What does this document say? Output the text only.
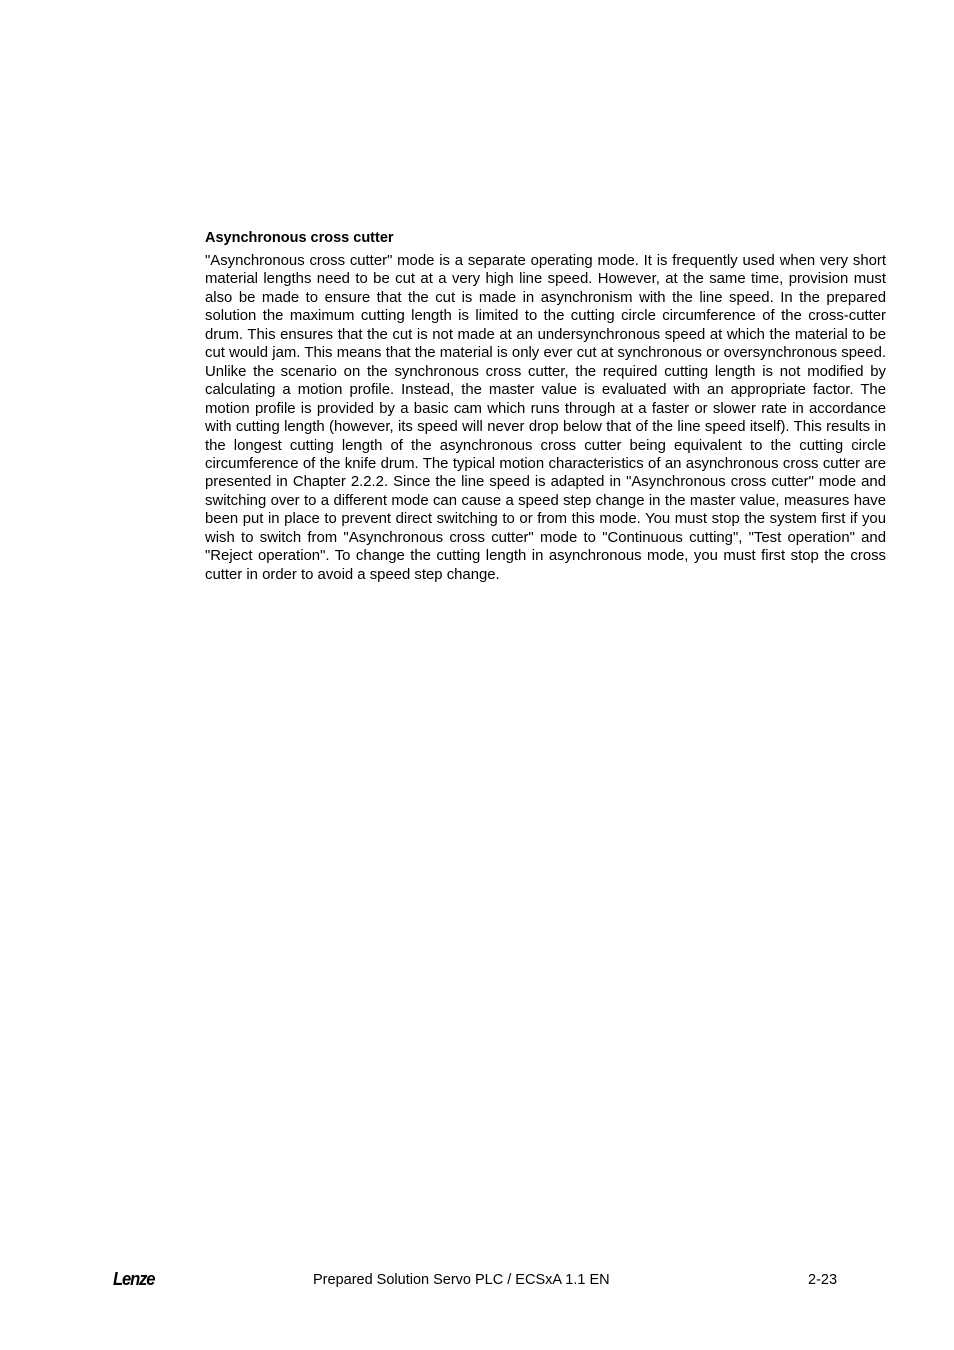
Asynchronous cross cutter

"Asynchronous cross cutter" mode is a separate operating mode. It is frequently used when very short material lengths need to be cut at a very high line speed. However, at the same time, provision must also be made to ensure that the cut is made in asynchronism with the line speed. In the prepared solution the maximum cutting length is limited to the cutting circle circumference of the cross-cutter drum. This ensures that the cut is not made at an undersynchronous speed at which the material to be cut would jam. This means that the material is only ever cut at synchronous or oversynchronous speed. Unlike the scenario on the synchronous cross cutter, the required cutting length is not modified by calculating a motion profile. Instead, the master value is evaluated with an appropriate factor. The motion profile is provided by a basic cam which runs through at a faster or slower rate in accordance with cutting length (however, its speed will never drop below that of the line speed itself). This results in the longest cutting length of the asynchronous cross cutter being equivalent to the cutting circle circumference of the knife drum. The typical motion characteristics of an asynchronous cross cutter are presented in Chapter 2.2.2. Since the line speed is adapted in "Asynchronous cross cutter" mode and switching over to a different mode can cause a speed step change in the master value, measures have been put in place to prevent direct switching to or from this mode. You must stop the system first if you wish to switch from "Asynchronous cross cutter" mode to "Continuous cutting", "Test operation" and "Reject operation". To change the cutting length in asynchronous mode, you must first stop the cross cutter in order to avoid a speed step change.

Lenze	Prepared Solution Servo PLC / ECSxA 1.1 EN	2-23
